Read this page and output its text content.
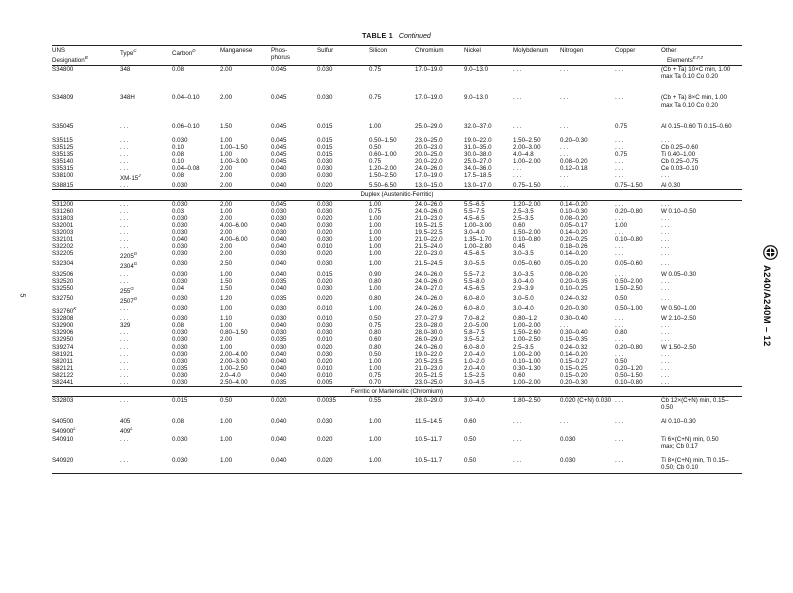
5	A240/A240M – 12
TABLE 1 Continued
UNS
Designation$^B$	Type$^C$	Carbon$^D$	Manganese	Phos-
phorus	Sulfur	Silicon	Chromium	Nickel	Molybdenum	Nitrogen	Copper	Other
Elements$^{E,F,2}$

S34800	348	0.08	2.00	0.045	0.030	0.75	17.0–19.0	9.0–13.0	. . .	. . .	. . .	(Cb + Ta) 10×C min, 1.00 max Ta 0.10 Co 0.20

S34809	348H	0.04–0.10	2.00	0.045	0.030	0.75	17.0–19.0	9.0–13.0	. . .	. . .	. . .	(Cb + Ta) 8×C min, 1.00 max Ta 0.10 Co 0.20

S35045	. . .	0.06–0.10	1.50	0.045	0.015	1.00	25.0–29.0	32.0–37.0	. . .	. . .	0.75	Al 0.15–0.60 Ti 0.15–0.60

S35115	. . .	0.030	1.00	0.045	0.015	0.50–1.50	23.0–25.0	19.0–22.0	1.50–2.50	0.20–0.30	. . .	. . .
S35125	. . .	0.10	1.00–1.50	0.045	0.015	0.50	20.0–23.0	31.0–35.0	2.00–3.00	. . .	. . .	Cb 0.25–0.60
S35135	. . .	0.08	1.00	0.045	0.015	0.60–1.00	20.0–25.0	30.0–38.0	4.0–4.8	. . .	0.75	Ti 0.40–1.00
S35140	. . .	0.10	1.00–3.00	0.045	0.030	0.75	20.0–22.0	25.0–27.0	1.00–2.00	0.08–0.20	. . .	Cb 0.25–0.75
S35315	. . .	0.04–0.08	2.00	0.040	0.030	1.20–2.00	24.0–26.0	34.0–36.0	. . .	0.12–0.18	. . .	Ce 0.03–0.10
S38100	$XM-15^J$	0.08	2.00	0.030	0.030	1.50–2.50	17.0–19.0	17.5–18.5	. . .	. . .	. . .	. . .
S38815	. . .	0.030	2.00	0.040	0.020	5.50–6.50	13.0–15.0	13.0–17.0	0.75–1.50	. . .	0.75–1.50	Al 0.30
Duplex (Austenitic-Ferritic)												
S31200	. . .	0.030	2.00	0.045	0.030	1.00	24.0–26.0	5.5–6.5	1.20–2.00	0.14–0.20	. . .	. . .
S31260	. . .	0.03	1.00	0.030	0.030	0.75	24.0–26.0	5.5–7.5	2.5–3.5	0.10–0.30	0.20–0.80	W 0.10–0.50
S31803	. . .	0.030	2.00	0.030	0.020	1.00	21.0–23.0	4.5–6.5	2.5–3.5	0.08–0.20	. . .	. . .
S32001	. . .	0.030	4.00–6.00	0.040	0.030	1.00	19.5–21.5	1.00–3.00	0.60	0.05–0.17	1.00	. . .
S32003	. . .	0.030	2.00	0.030	0.020	1.00	19.5–22.5	3.0–4.0	1.50–2.00	0.14–0.20	. . .	. . .
S32101	. . .	0.040	4.00–6.00	0.040	0.030	1.00	21.0–22.0	1.35–1.70	0.10–0.80	0.20–0.25	0.10–0.80	. . .
S32202	. . .	0.030	2.00	0.040	0.010	1.00	21.5–24.0	1.00–2.80	0.45	0.18–0.26	. . .	. . .
S32205	$2205^G$	0.030	2.00	0.030	0.020	1.00	22.0–23.0	4.5–6.5	3.0–3.5	0.14–0.20	. . .	. . .
S32304	$2304^G$	0.030	2.50	0.040	0.030	1.00	21.5–24.5	3.0–5.5	0.05–0.60	0.05–0.20	0.05–0.60	. . .
S32506	. . .	0.030	1.00	0.040	0.015	0.90	24.0–26.0	5.5–7.2	3.0–3.5	0.08–0.20	. . .	W 0.05–0.30
S32520	. . .	0.030	1.50	0.035	0.020	0.80	24.0–26.0	5.5–8.0	3.0–4.0	0.20–0.35	0.50–2.00	. . .
S32550	$255^G$	0.04	1.50	0.040	0.030	1.00	24.0–27.0	4.5–6.5	2.9–3.9	0.10–0.25	1.50–2.50	. . .
S32750	$2507^G$	0.030	1.20	0.035	0.020	0.80	24.0–26.0	6.0–8.0	3.0–5.0	0.24–0.32	0.50	. . .
$S32760^K$	. . .	0.030	1.00	0.030	0.010	1.00	24.0–26.0	6.0–8.0	3.0–4.0	0.20–0.30	0.50–1.00	W 0.50–1.00
S32808	. . .	0.030	1.10	0.030	0.010	0.50	27.0–27.9	7.0–8.2	0.80–1.2	0.30–0.40	. . .	W 2.10–2.50
S32900	329	0.08	1.00	0.040	0.030	0.75	23.0–28.0	2.0–5.00	1.00–2.00	. . .	. . .	. . .
S32906	. . .	0.030	0.80–1.50	0.030	0.030	0.80	28.0–30.0	5.8–7.5	1.50–2.60	0.30–0.40	0.80	. . .
S32950	. . .	0.030	2.00	0.035	0.010	0.60	26.0–29.0	3.5–5.2	1.00–2.50	0.15–0.35	. . .	. . .
S39274	. . .	0.030	1.00	0.030	0.020	0.80	24.0–26.0	6.0–8.0	2.5–3.5	0.24–0.32	0.20–0.80	W 1.50–2.50
S81921	. . .	0.030	2.00–4.00	0.040	0.030	0.50	19.0–22.0	2.0–4.0	1.00–2.00	0.14–0.20	. . .	. . .
S82011	. . .	0.030	2.00–3.00	0.040	0.020	1.00	20.5–23.5	1.0–2.0	0.10–1.00	0.15–0.27	0.50	. . .
S82121	. . .	0.035	1.00–2.50	0.040	0.010	1.00	21.0–23.0	2.0–4.0	0.30–1.30	0.15–0.25	0.20–1.20	. . .
S82122	. . .	0.030	2.0–4.0	0.040	0.010	0.75	20.5–21.5	1.5–2.5	0.60	0.15–0.20	0.50–1.50	. . .
S82441	. . .	0.030	2.50–4.00	0.035	0.005	0.70	23.0–25.0	3.0–4.5	1.00–2.00	0.20–0.30	0.10–0.80	. . .
Ferritic or Martensitic (Chromium)												
S32803	. . .	0.015	0.50	0.020	0.0035	0.55	28.0–29.0	3.0–4.0	1.80–2.50	0.020 (C+N) 0.030	. . .	Cb 12×(C+N) min, 0.15–0.50

S40500	405	0.08	1.00	0.040	0.030	1.00	11.5–14.5	0.60	. . .	. . .	. . .	Al 0.10–0.30
$S40900^L$	$409^L$											
S40910	. . .	0.030	1.00	0.040	0.020	1.00	10.5–11.7	0.50	. . .	0.030	. . .	Ti 6×(C+N) min, 0.50 max; Cb 0.17

S40920	. . .	0.030	1.00	0.040	0.020	1.00	10.5–11.7	0.50	. . .	0.030	. . .	Ti 8×(C+N) min, Ti 0.15–0.50; Cb 0.10
